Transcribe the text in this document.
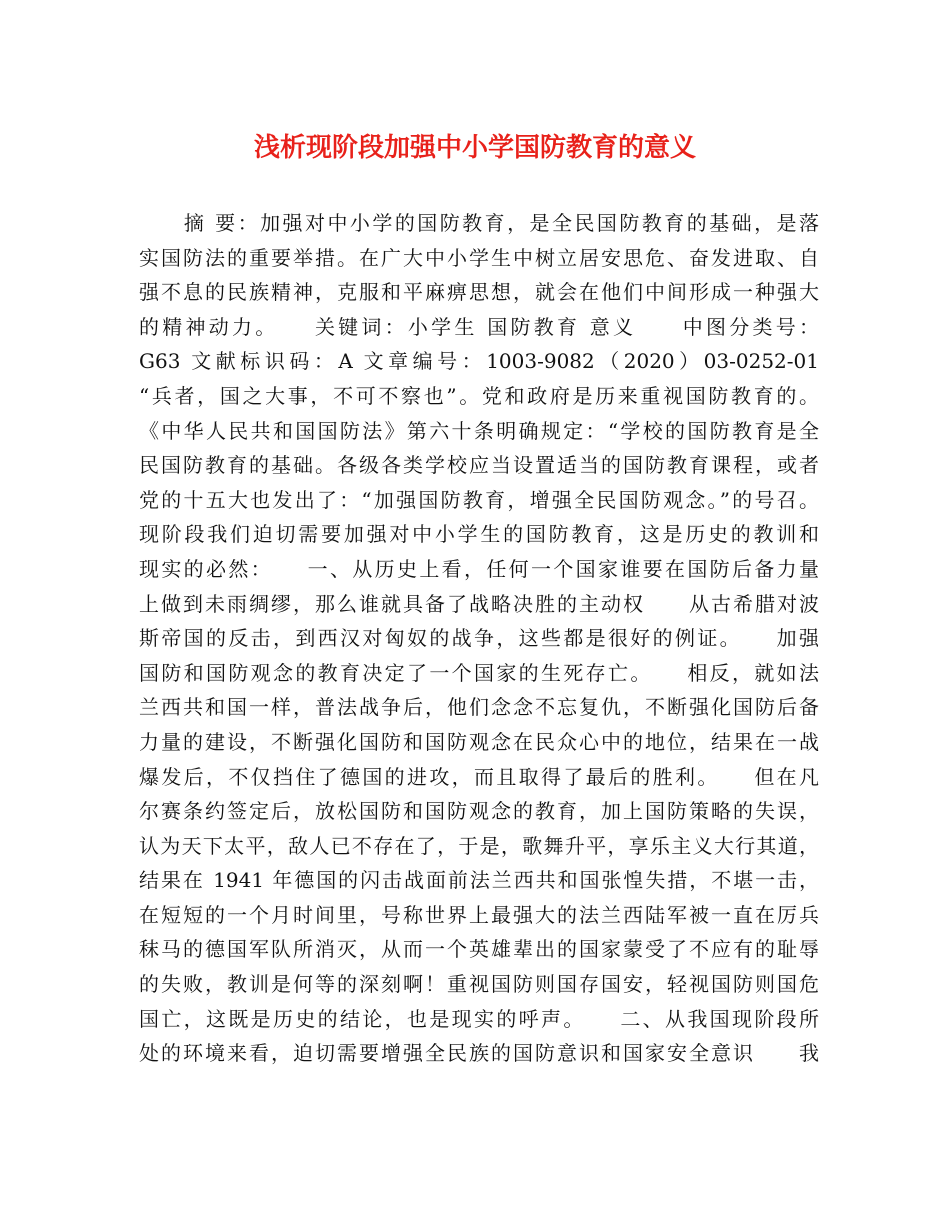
浅析现阶段加强中小学国防教育的意义
　　摘 要：加强对中小学的国防教育，是全民国防教育的基础，是落
实国防法的重要举措。在广大中小学生中树立居安思危、奋发进取、自
强不息的民族精神，克服和平麻痹思想，就会在他们中间形成一种强大
的精神动力。　　关键词：小学生 国防教育 意义　　中图分类号：
G63 文献标识码：A 文章编号：1003-9082（2020）03-0252-01
“兵者，国之大事，不可不察也”。党和政府是历来重视国防教育的。
《中华人民共和国国防法》第六十条明确规定：“学校的国防教育是全
民国防教育的基础。各级各类学校应当设置适当的国防教育课程，或者
党的十五大也发出了：“加强国防教育，增强全民国防观念。”的号召。
现阶段我们迫切需要加强对中小学生的国防教育，这是历史的教训和
现实的必然：　　一、从历史上看，任何一个国家谁要在国防后备力量
上做到未雨绸缪，那么谁就具备了战略决胜的主动权　　从古希腊对波
斯帝国的反击，到西汉对匈奴的战争，这些都是很好的例证。　　加强
国防和国防观念的教育决定了一个国家的生死存亡。　　相反，就如法
兰西共和国一样，普法战争后，他们念念不忘复仇，不断强化国防后备
力量的建设，不断强化国防和国防观念在民众心中的地位，结果在一战
爆发后，不仅挡住了德国的进攻，而且取得了最后的胜利。　　但在凡
尔赛条约签定后，放松国防和国防观念的教育，加上国防策略的失误，
认为天下太平，敌人已不存在了，于是，歌舞升平，享乐主义大行其道，
结果在 1941 年德国的闪击战面前法兰西共和国张惶失措，不堪一击，
在短短的一个月时间里，号称世界上最强大的法兰西陆军被一直在厉兵
秣马的德国军队所消灭，从而一个英雄辈出的国家蒙受了不应有的耻辱
的失败，教训是何等的深刻啊！重视国防则国存国安，轻视国防则国危
国亡，这既是历史的结论，也是现实的呼声。　　二、从我国现阶段所
处的环境来看，迫切需要增强全民族的国防意识和国家安全意识　　我
